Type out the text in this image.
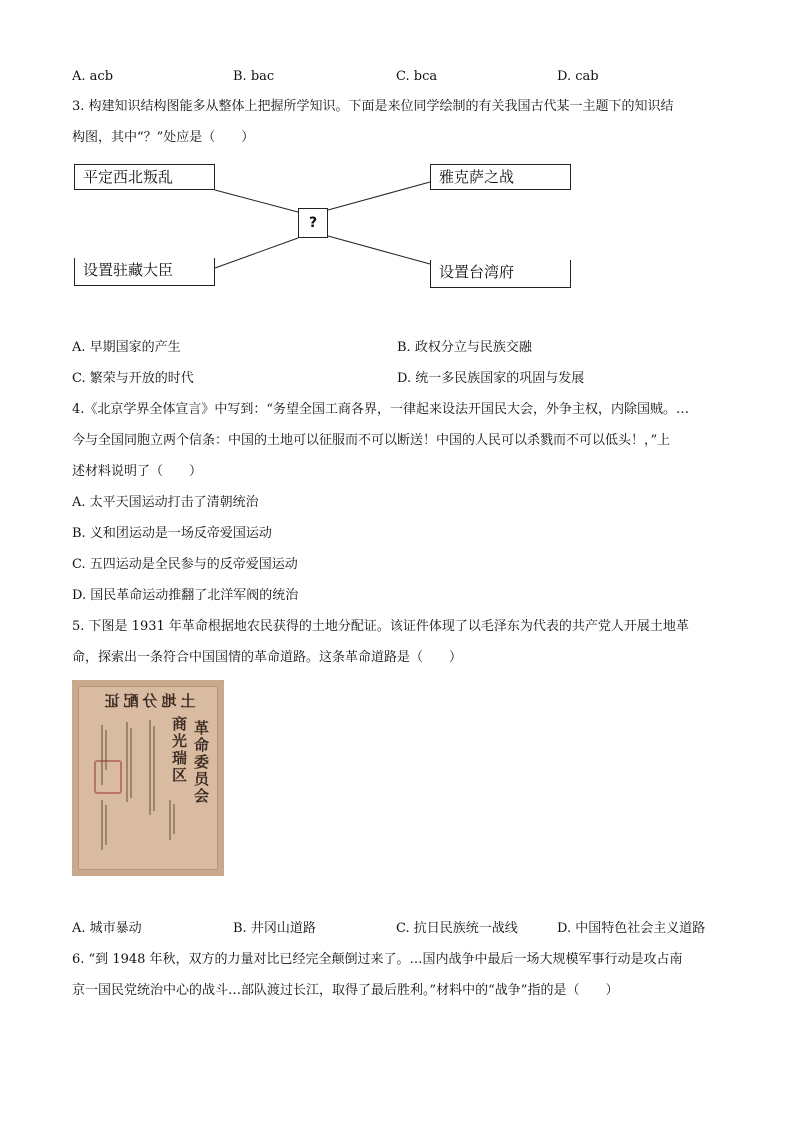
A. acb	B. bac	C. bca	D. cab
3. 构建知识结构图能多从整体上把握所学知识。下面是来位同学绘制的有关我国古代某一主题下的知识结
构图，其中“？”处应是（　　）
平定西北叛乱	雅克萨之战
?
设置驻藏大臣	设置台湾府
A. 早期国家的产生	B. 政权分立与民族交融
C. 繁荣与开放的时代	D. 统一多民族国家的巩固与发展
4.《北京学界全体宣言》中写到：“务望全国工商各界，一律起来设法开国民大会，外争主权，内除国贼。…
今与全国同胞立两个信条：中国的土地可以征服而不可以断送！中国的人民可以杀戮而不可以低头！，”上
述材料说明了（　　）
A. 太平天国运动打击了清朝统治
B. 义和团运动是一场反帝爱国运动
C. 五四运动是全民参与的反帝爱国运动
D. 国民革命运动推翻了北洋军阀的统治
5. 下图是 1931 年革命根据地农民获得的土地分配证。该证件体现了以毛泽东为代表的共产党人开展土地革
命，探索出一条符合中国国情的革命道路。这条革命道路是（　　）
土地分配证
商光瑞区 革命委员会
A. 城市暴动	B. 井冈山道路	C. 抗日民族统一战线	D. 中国特色社会主义道路
6. “到 1948 年秋，双方的力量对比已经完全颠倒过来了。…国内战争中最后一场大规模军事行动是攻占南
京一国民党统治中心的战斗…部队渡过长江，取得了最后胜利。”材料中的“战争”指的是（　　）
